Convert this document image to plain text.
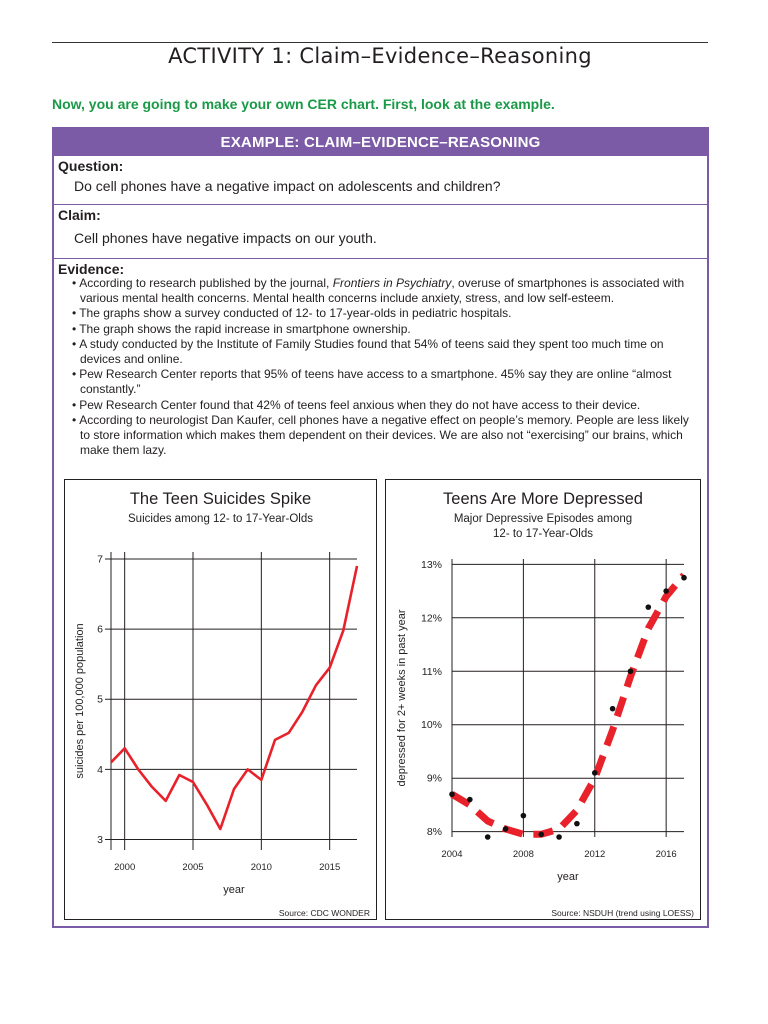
ACTIVITY 1: Claim–Evidence–Reasoning
Now, you are going to make your own CER chart. First, look at the example.
EXAMPLE: CLAIM–EVIDENCE–REASONING
Question:
Do cell phones have a negative impact on adolescents and children?
Claim:
Cell phones have negative impacts on our youth.
Evidence:
• According to research published by the journal, Frontiers in Psychiatry, overuse of smartphones is associated with various mental health concerns. Mental health concerns include anxiety, stress, and low self-esteem.
• The graphs show a survey conducted of 12- to 17-year-olds in pediatric hospitals.
• The graph shows the rapid increase in smartphone ownership.
• A study conducted by the Institute of Family Studies found that 54% of teens said they spent too much time on devices and online.
• Pew Research Center reports that 95% of teens have access to a smartphone. 45% say they are online “almost constantly.”
• Pew Research Center found that 42% of teens feel anxious when they do not have access to their device.
• According to neurologist Dan Kaufer, cell phones have a negative effect on people’s memory. People are less likely to store information which makes them dependent on their devices. We are also not “exercising” our brains, which make them lazy.
The Teen Suicides Spike
Suicides among 12- to 17-Year-Olds
2000	2005	2010	2015
3
4
5
6
7
year
suicides per 100,000 population
Source: CDC WONDER
Teens Are More Depressed
Major Depressive Episodes among
12- to 17-Year-Olds
2004	2008	2012	2016
8%
9%
10%
11%
12%
13%
year
depressed for 2+ weeks in past year
Source: NSDUH (trend using LOESS)
